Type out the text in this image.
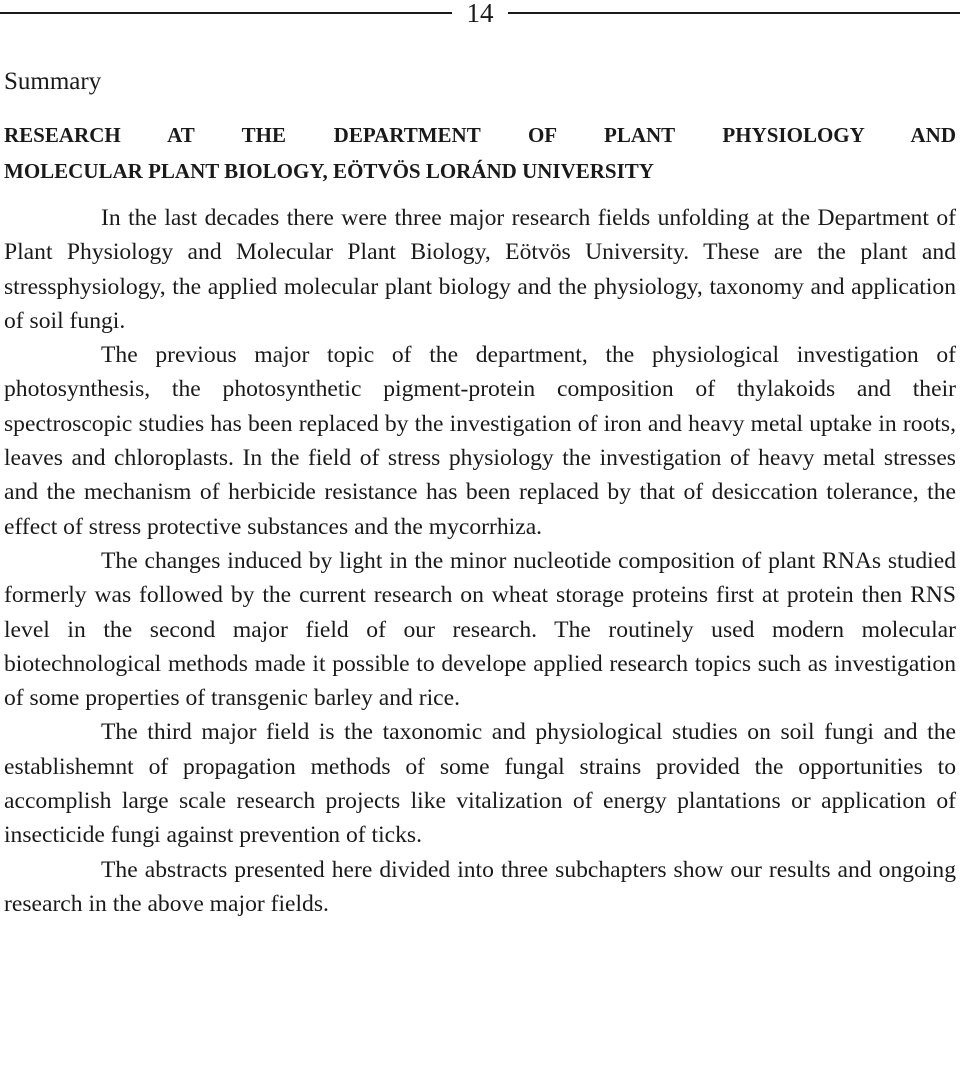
14
Summary
RESEARCH AT THE DEPARTMENT OF PLANT PHYSIOLOGY AND
MOLECULAR PLANT BIOLOGY, EÖTVÖS LORÁND UNIVERSITY

In the last decades there were three major research fields unfolding at the Department of Plant Physiology and Molecular Plant Biology, Eötvös University. These are the plant and stressphysiology, the applied molecular plant biology and the physiology, taxonomy and application of soil fungi.

The previous major topic of the department, the physiological investigation of photosynthesis, the photosynthetic pigment-protein composition of thylakoids and their spectroscopic studies has been replaced by the investigation of iron and heavy metal uptake in roots, leaves and chloroplasts. In the field of stress physiology the investigation of heavy metal stresses and the mechanism of herbicide resistance has been replaced by that of desiccation tolerance, the effect of stress protective substances and the mycorrhiza.

The changes induced by light in the minor nucleotide composition of plant RNAs studied formerly was followed by the current research on wheat storage proteins first at protein then RNS level in the second major field of our research. The routinely used modern molecular biotechnological methods made it possible to develope applied research topics such as investigation of some properties of transgenic barley and rice.

The third major field is the taxonomic and physiological studies on soil fungi and the establishemnt of propagation methods of some fungal strains provided the opportunities to accomplish large scale research projects like vitalization of energy plantations or application of insecticide fungi against prevention of ticks.

The abstracts presented here divided into three subchapters show our results and ongoing research in the above major fields.
